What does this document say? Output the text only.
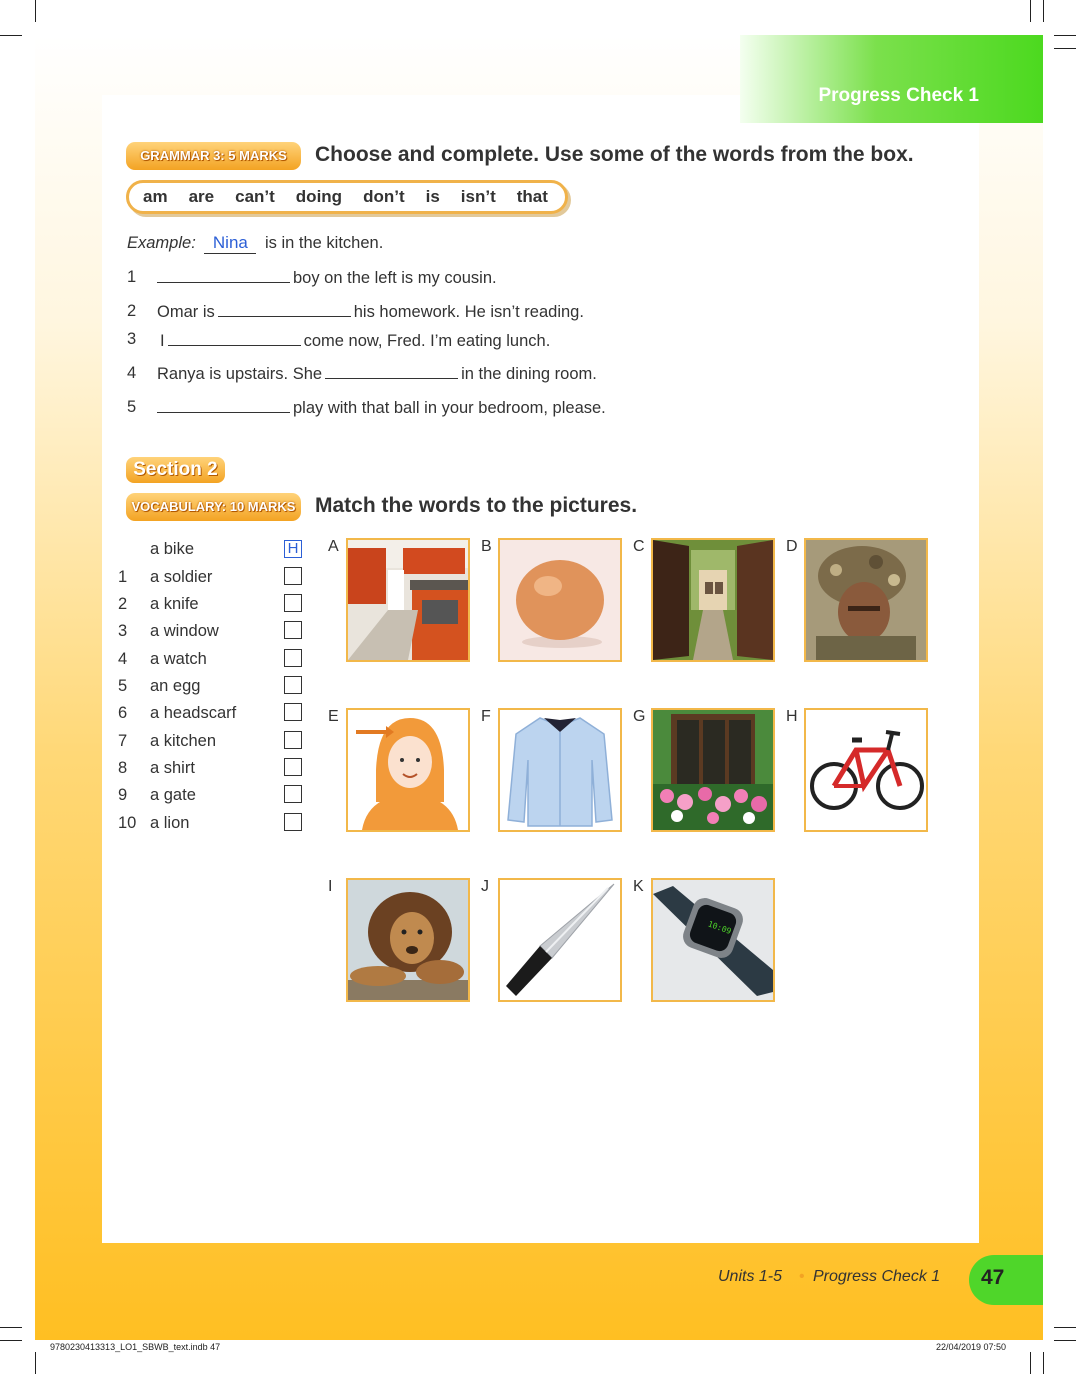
Progress Check 1
GRAMMAR 3: 5 MARKS	Choose and complete. Use some of the words from the box.
am are can’t doing don’t is isn’t that
Example: Nina is in the kitchen.
1	boy on the left is my cousin.
2 Omar is	his homework. He isn’t reading.
3 I	come now, Fred. I’m eating lunch.
4 Ranya is upstairs. She	in the dining room.
5	play with that ball in your bedroom, please.
Section 2
VOCABULARY: 10 MARKS Match the words to the pictures.
a bike	H
1	a soldier
2	a knife
3	a window
4	a watch
5	an egg
6	a headscarf
7	a kitchen
8	a shirt
9	a gate
10 a lion
A	B	C	D
E	F	G	H
I	J	K
10:09
Units 1-5 • Progress Check 1	47
9780230413313_LO1_SBWB_text.indb 47	22/04/2019 07:50
